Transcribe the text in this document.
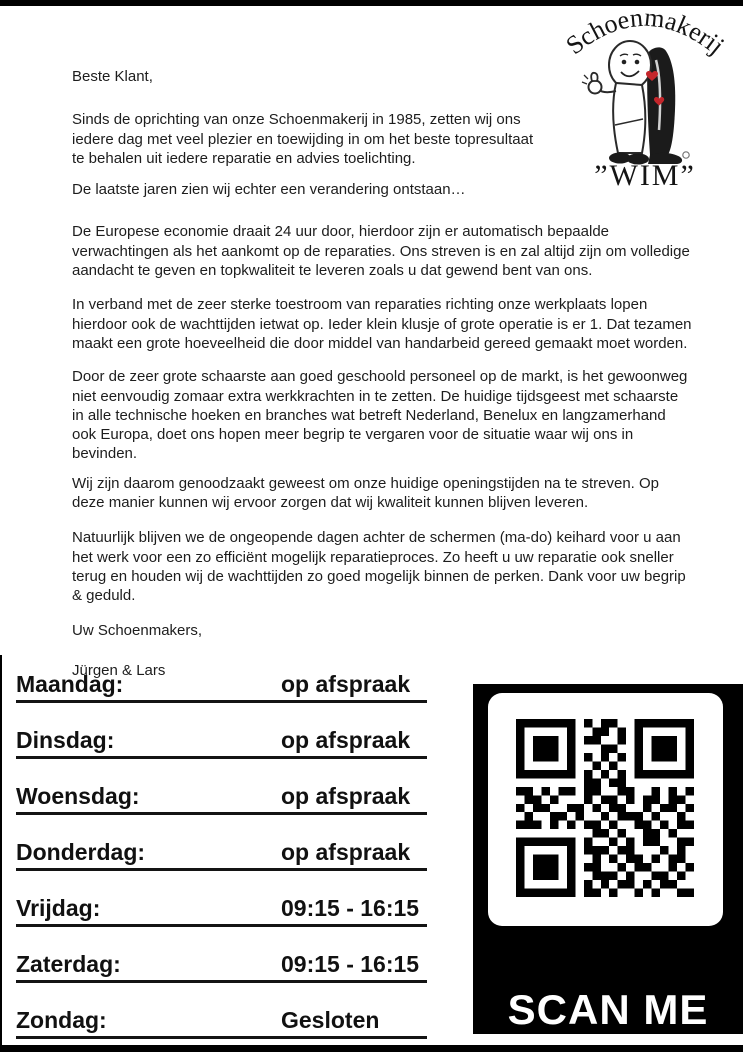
Beste Klant,

Sinds de oprichting van onze Schoenmakerij in 1985, zetten wij ons iedere dag met veel plezier en toewijding in om het beste topresultaat te behalen uit iedere reparatie en advies toelichting.

De laatste jaren zien wij echter een verandering ontstaan…

De Europese economie draait 24 uur door, hierdoor zijn er automatisch bepaalde verwachtingen als het aankomt op de reparaties. Ons streven is en zal altijd zijn om volledige aandacht te geven en topkwaliteit te leveren zoals u dat gewend bent van ons.

In verband met de zeer sterke toestroom van reparaties richting onze werkplaats lopen hierdoor ook de wachttijden ietwat op. Ieder klein klusje of grote operatie is er 1. Dat tezamen maakt een grote hoeveelheid die door middel van handarbeid gereed gemaakt moet worden.

Door de zeer grote schaarste aan goed geschoold personeel op de markt, is het gewoonweg niet eenvoudig zomaar extra werkkrachten in te zetten. De huidige tijdsgeest met schaarste in alle technische hoeken en branches wat betreft Nederland, Benelux en langzamerhand ook Europa, doet ons hopen meer begrip te vergaren voor de situatie waar wij ons in bevinden.

Wij zijn daarom genoodzaakt geweest om onze huidige openingstijden na te streven. Op deze manier kunnen wij ervoor zorgen dat wij kwaliteit kunnen blijven leveren.

Natuurlijk blijven we de ongeopende dagen achter de schermen (ma-do) keihard voor u aan het werk voor een zo efficiënt mogelijk reparatieproces. Zo heeft u uw reparatie ook sneller terug en houden wij de wachttijden zo goed mogelijk binnen de perken. Dank voor uw begrip & geduld.

Uw Schoenmakers,

Jürgen & Lars

Schoenmakerij
”WIM”
Maandag:	op afspraak
Dinsdag:	op afspraak
Woensdag:	op afspraak
Donderdag:	op afspraak
Vrijdag:	09:15 - 16:15
Zaterdag:	09:15 - 16:15
Zondag:	Gesloten	SCAN ME
